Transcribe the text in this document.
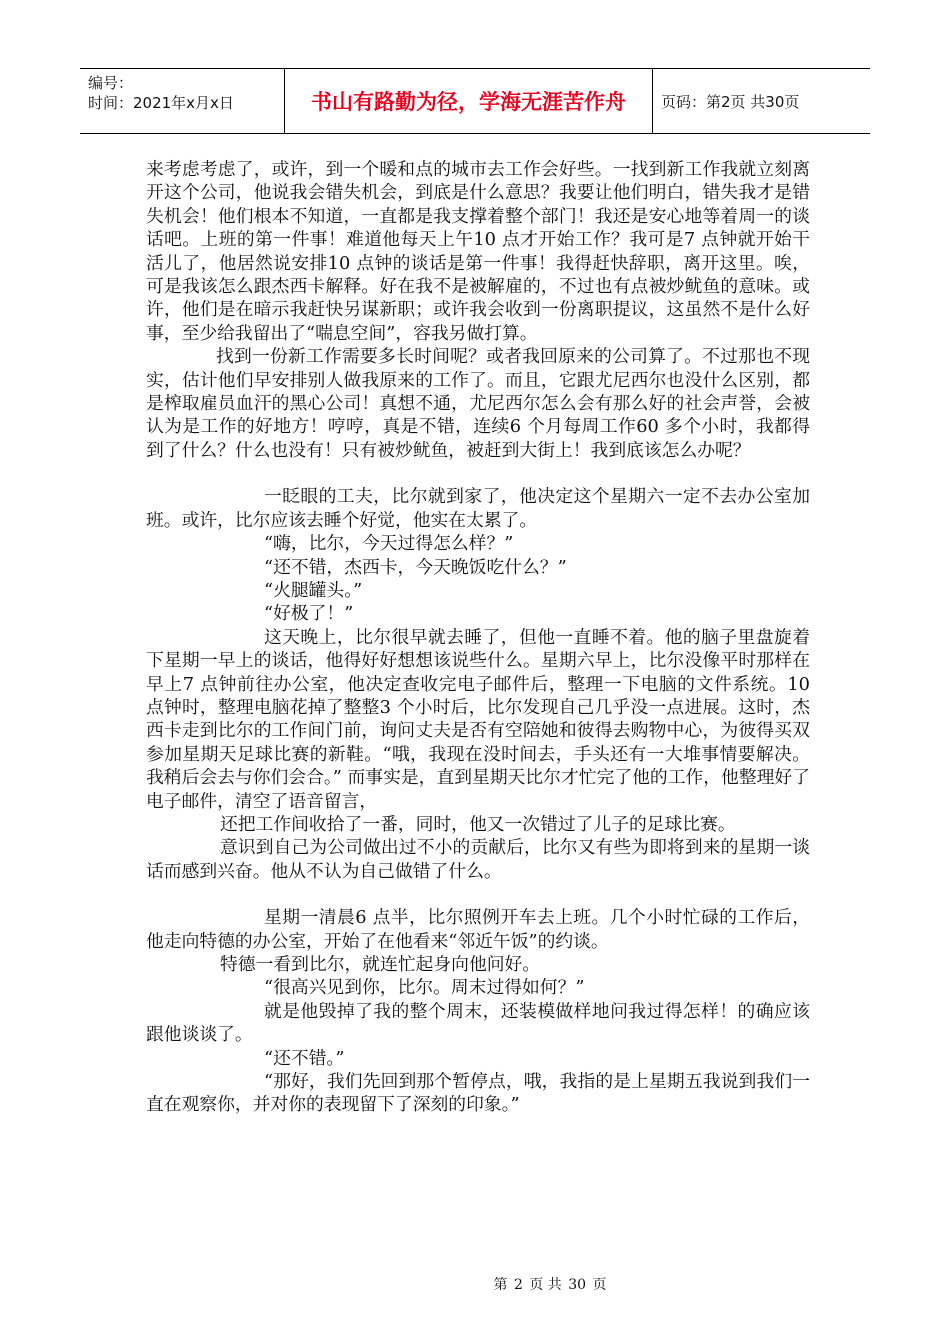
编号：
时间：2021年x月x日	书山有路勤为径，学海无涯苦作舟	页码：第2页 共30页

来考虑考虑了，或许，到一个暖和点的城市去工作会好些。一找到新工作我就立刻离开这个公司，他说我会错失机会，到底是什么意思？我要让他们明白，错失我才是错失机会！他们根本不知道，一直都是我支撑着整个部门！我还是安心地等着周一的谈话吧。上班的第一件事！难道他每天上午10 点才开始工作？我可是7 点钟就开始干活儿了，他居然说安排10 点钟的谈话是第一件事！我得赶快辞职，离开这里。唉，可是我该怎么跟杰西卡解释。好在我不是被解雇的，不过也有点被炒鱿鱼的意味。或许，他们是在暗示我赶快另谋新职；或许我会收到一份离职提议，这虽然不是什么好事，至少给我留出了“喘息空间”，容我另做打算。

找到一份新工作需要多长时间呢？或者我回原来的公司算了。不过那也不现实，估计他们早安排别人做我原来的工作了。而且，它跟尤尼西尔也没什么区别，都是榨取雇员血汗的黑心公司！真想不通，尤尼西尔怎么会有那么好的社会声誉，会被认为是工作的好地方！哼哼，真是不错，连续6 个月每周工作60 多个小时，我都得到了什么？什么也没有！只有被炒鱿鱼，被赶到大街上！我到底该怎么办呢？

一眨眼的工夫，比尔就到家了，他决定这个星期六一定不去办公室加班。或许，比尔应该去睡个好觉，他实在太累了。

“嗨，比尔，今天过得怎么样？”

“还不错，杰西卡，今天晚饭吃什么？”

“火腿罐头。”

“好极了！”

这天晚上，比尔很早就去睡了，但他一直睡不着。他的脑子里盘旋着下星期一早上的谈话，他得好好想想该说些什么。星期六早上，比尔没像平时那样在早上7 点钟前往办公室，他决定查收完电子邮件后，整理一下电脑的文件系统。10 点钟时，整理电脑花掉了整整3 个小时后，比尔发现自己几乎没一点进展。这时，杰西卡走到比尔的工作间门前，询问丈夫是否有空陪她和彼得去购物中心，为彼得买双参加星期天足球比赛的新鞋。“哦，我现在没时间去，手头还有一大堆事情要解决。我稍后会去与你们会合。” 而事实是，直到星期天比尔才忙完了他的工作，他整理好了电子邮件，清空了语音留言，

还把工作间收拾了一番，同时，他又一次错过了儿子的足球比赛。

意识到自己为公司做出过不小的贡献后，比尔又有些为即将到来的星期一谈话而感到兴奋。他从不认为自己做错了什么。

星期一清晨6 点半，比尔照例开车去上班。几个小时忙碌的工作后，他走向特德的办公室，开始了在他看来“邻近午饭”的约谈。

特德一看到比尔，就连忙起身向他问好。

“很高兴见到你，比尔。周末过得如何？”

就是他毁掉了我的整个周末，还装模做样地问我过得怎样！的确应该跟他谈谈了。

“还不错。”

“那好，我们先回到那个暂停点，哦，我指的是上星期五我说到我们一直在观察你，并对你的表现留下了深刻的印象。”

第 2 页 共 30 页
